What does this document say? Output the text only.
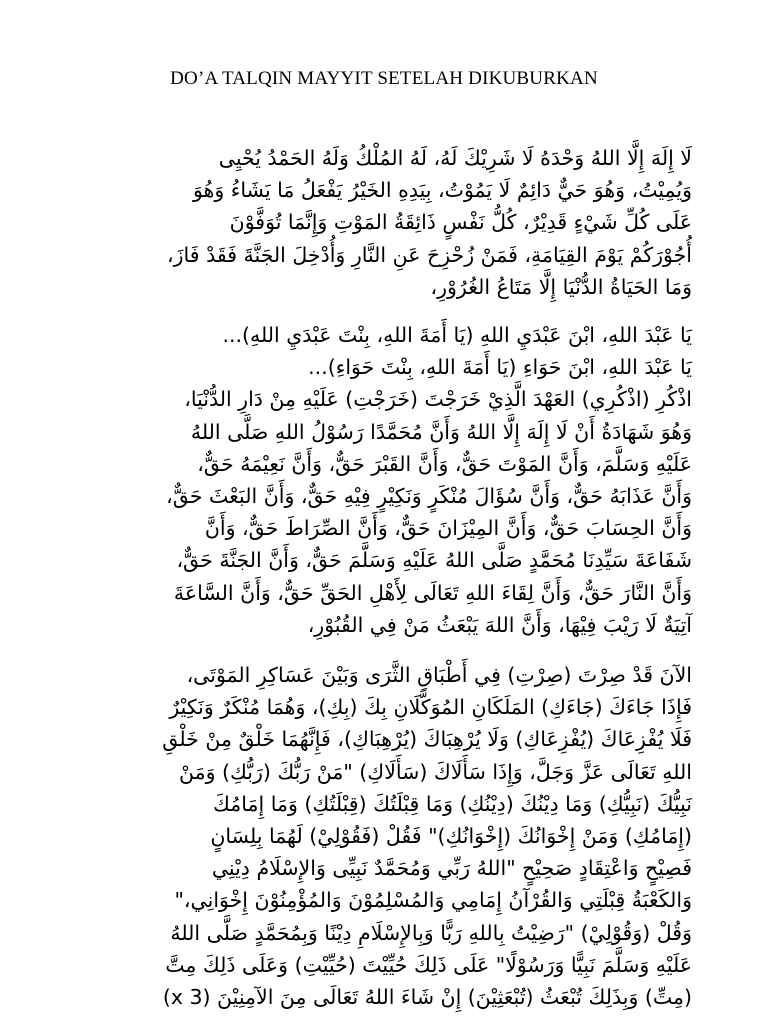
DO’A TALQIN MAYYIT SETELAH DIKUBURKAN

لَا إِلَهَ إِلَّا اللهُ وَحْدَهُ لَا شَرِيْكَ لَهُ، لَهُ المُلْكُ وَلَهُ الحَمْدُ يُحْيِى
وَيُمِيْتُ، وَهُوَ حَيٌّ دَائِمٌ لَا يَمُوْتُ، بِيَدِهِ الخَيْرُ يَفْعَلُ مَا يَشَاءُ وَهُوَ
عَلَى كُلِّ شَيْءٍ قَدِيْرٌ، كُلُّ نَفْسٍ ذَائِقَةُ المَوْتِ وَإِنَّمَا تُوَفَّوْنَ
أُجُوْرَكُمْ يَوْمَ القِيَامَةِ، فَمَنْ زُحْزِحَ عَنِ النَّارِ وَأُدْخِلَ الجَنَّةَ فَقَدْ فَازَ،
وَمَا الحَيَاةُ الدُّنْيَا إِلَّا مَتَاعُ الغُرُوْرِ،

يَا عَبْدَ اللهِ، ابْنَ عَبْدَيِ اللهِ (يَا أَمَةَ اللهِ، بِنْتَ عَبْدَيِ اللهِ)...
يَا عَبْدَ اللهِ، ابْنَ حَوَاءِ (يَا أَمَةَ اللهِ، بِنْتَ حَوَاءِ)...

اذْكُرِ (اذْكُرِي) العَهْدَ الَّذِيْ خَرَجْتَ (خَرَجْتِ) عَلَيْهِ مِنْ دَارِ الدُّنْيَا،
وَهُوَ شَهَادَةُ أَنْ لَا إِلَهَ إِلَّا اللهُ وَأَنَّ مُحَمَّدًا رَسُوْلُ اللهِ صَلَّى اللهُ
عَلَيْهِ وَسَلَّمَ، وَأَنَّ المَوْتَ حَقٌّ، وَأَنَّ القَبْرَ حَقٌّ، وَأَنَّ نَعِيْمَهُ حَقٌّ،
وَأَنَّ عَذَابَهُ حَقٌّ، وَأَنَّ سُؤَالَ مُنْكَرٍ وَنَكِيْرٍ فِيْهِ حَقٌّ، وَأَنَّ البَعْثَ حَقٌّ،
وَأَنَّ الحِسَابَ حَقٌّ، وَأَنَّ المِيْزَانَ حَقٌّ، وَأَنَّ الصِّرَاطَ حَقٌّ، وَأَنَّ
شَفَاعَةَ سَيِّدِنَا مُحَمَّدٍ صَلَّى اللهُ عَلَيْهِ وَسَلَّمَ حَقٌّ، وَأَنَّ الجَنَّةَ حَقٌّ،
وَأَنَّ النَّارَ حَقٌّ، وَأَنَّ لِقَاءَ اللهِ تَعَالَى لِأَهْلِ الحَقِّ حَقٌّ، وَأَنَّ السَّاعَةَ
آتِيَةٌ لَا رَيْبَ فِيْهَا، وَأَنَّ اللهَ يَبْعَثُ مَنْ فِي القُبُوْرِ،

الآنَ قَدْ صِرْتَ (صِرْتِ) فِي أَطْبَاقِ الثَّرَى وَبَيْنَ عَسَاكِرِ المَوْتَى،
فَإِذَا جَاءَكَ (جَاءَكِ) المَلَكَانِ المُوَكَّلَانِ بِكَ (بِكِ)، وَهُمَا مُنْكَرٌ وَنَكِيْرٌ
فَلَا يُفْزِعَاكَ (يُفْزِعَاكِ) وَلَا يُرْهِبَاكَ (يُرْهِبَاكِ)، فَإِنَّهُمَا خَلْقٌ مِنْ خَلْقِ
اللهِ تَعَالَى عَزَّ وَجَلَّ، وَإِذَا سَأَلَاكَ (سَأَلَاكِ) "مَنْ رَبُّكَ (رَبُّكِ) وَمَنْ
نَبِيُّكَ (نَبِيُّكِ) وَمَا دِيْنُكَ (دِيْنُكِ) وَمَا قِبْلَتُكَ (قِبْلَتُكِ) وَمَا إِمَامُكَ
(إِمَامُكِ) وَمَنْ إِخْوَانُكَ (إِخْوَانُكِ)" فَقُلْ (فَقُوْلِيْ) لَهُمَا بِلِسَانٍ
فَصِيْحٍ وَاعْتِقَادٍ صَحِيْحٍ "اللهُ رَبِّي وَمُحَمَّدٌ نَبِيِّى وَالإِسْلَامُ دِيْنِي
وَالكَعْبَةُ قِبْلَتِي وَالقُرْآنُ إِمَامِي وَالمُسْلِمُوْنَ وَالمُؤْمِنُوْنَ إِخْوَانِي،"
وَقُلْ (وَقُوْلِيْ) "رَضِيْتُ بِاللهِ رَبًّا وَبِالإِسْلَامِ دِيْنًا وَبِمُحَمَّدٍ صَلَّى اللهُ
عَلَيْهِ وَسَلَّمَ نَبِيًّا وَرَسُوْلًا" عَلَى ذَلِكَ حُيِّيْتَ (حُيِّيْتِ) وَعَلَى ذَلِكَ مِتَّ
(مِتِّ) وَبِذَلِكَ تُبْعَثُ (تُبْعَثِيْنَ) إِنْ شَاءَ اللهُ تَعَالَى مِنَ الآمِنِيْنَ (3 x)
